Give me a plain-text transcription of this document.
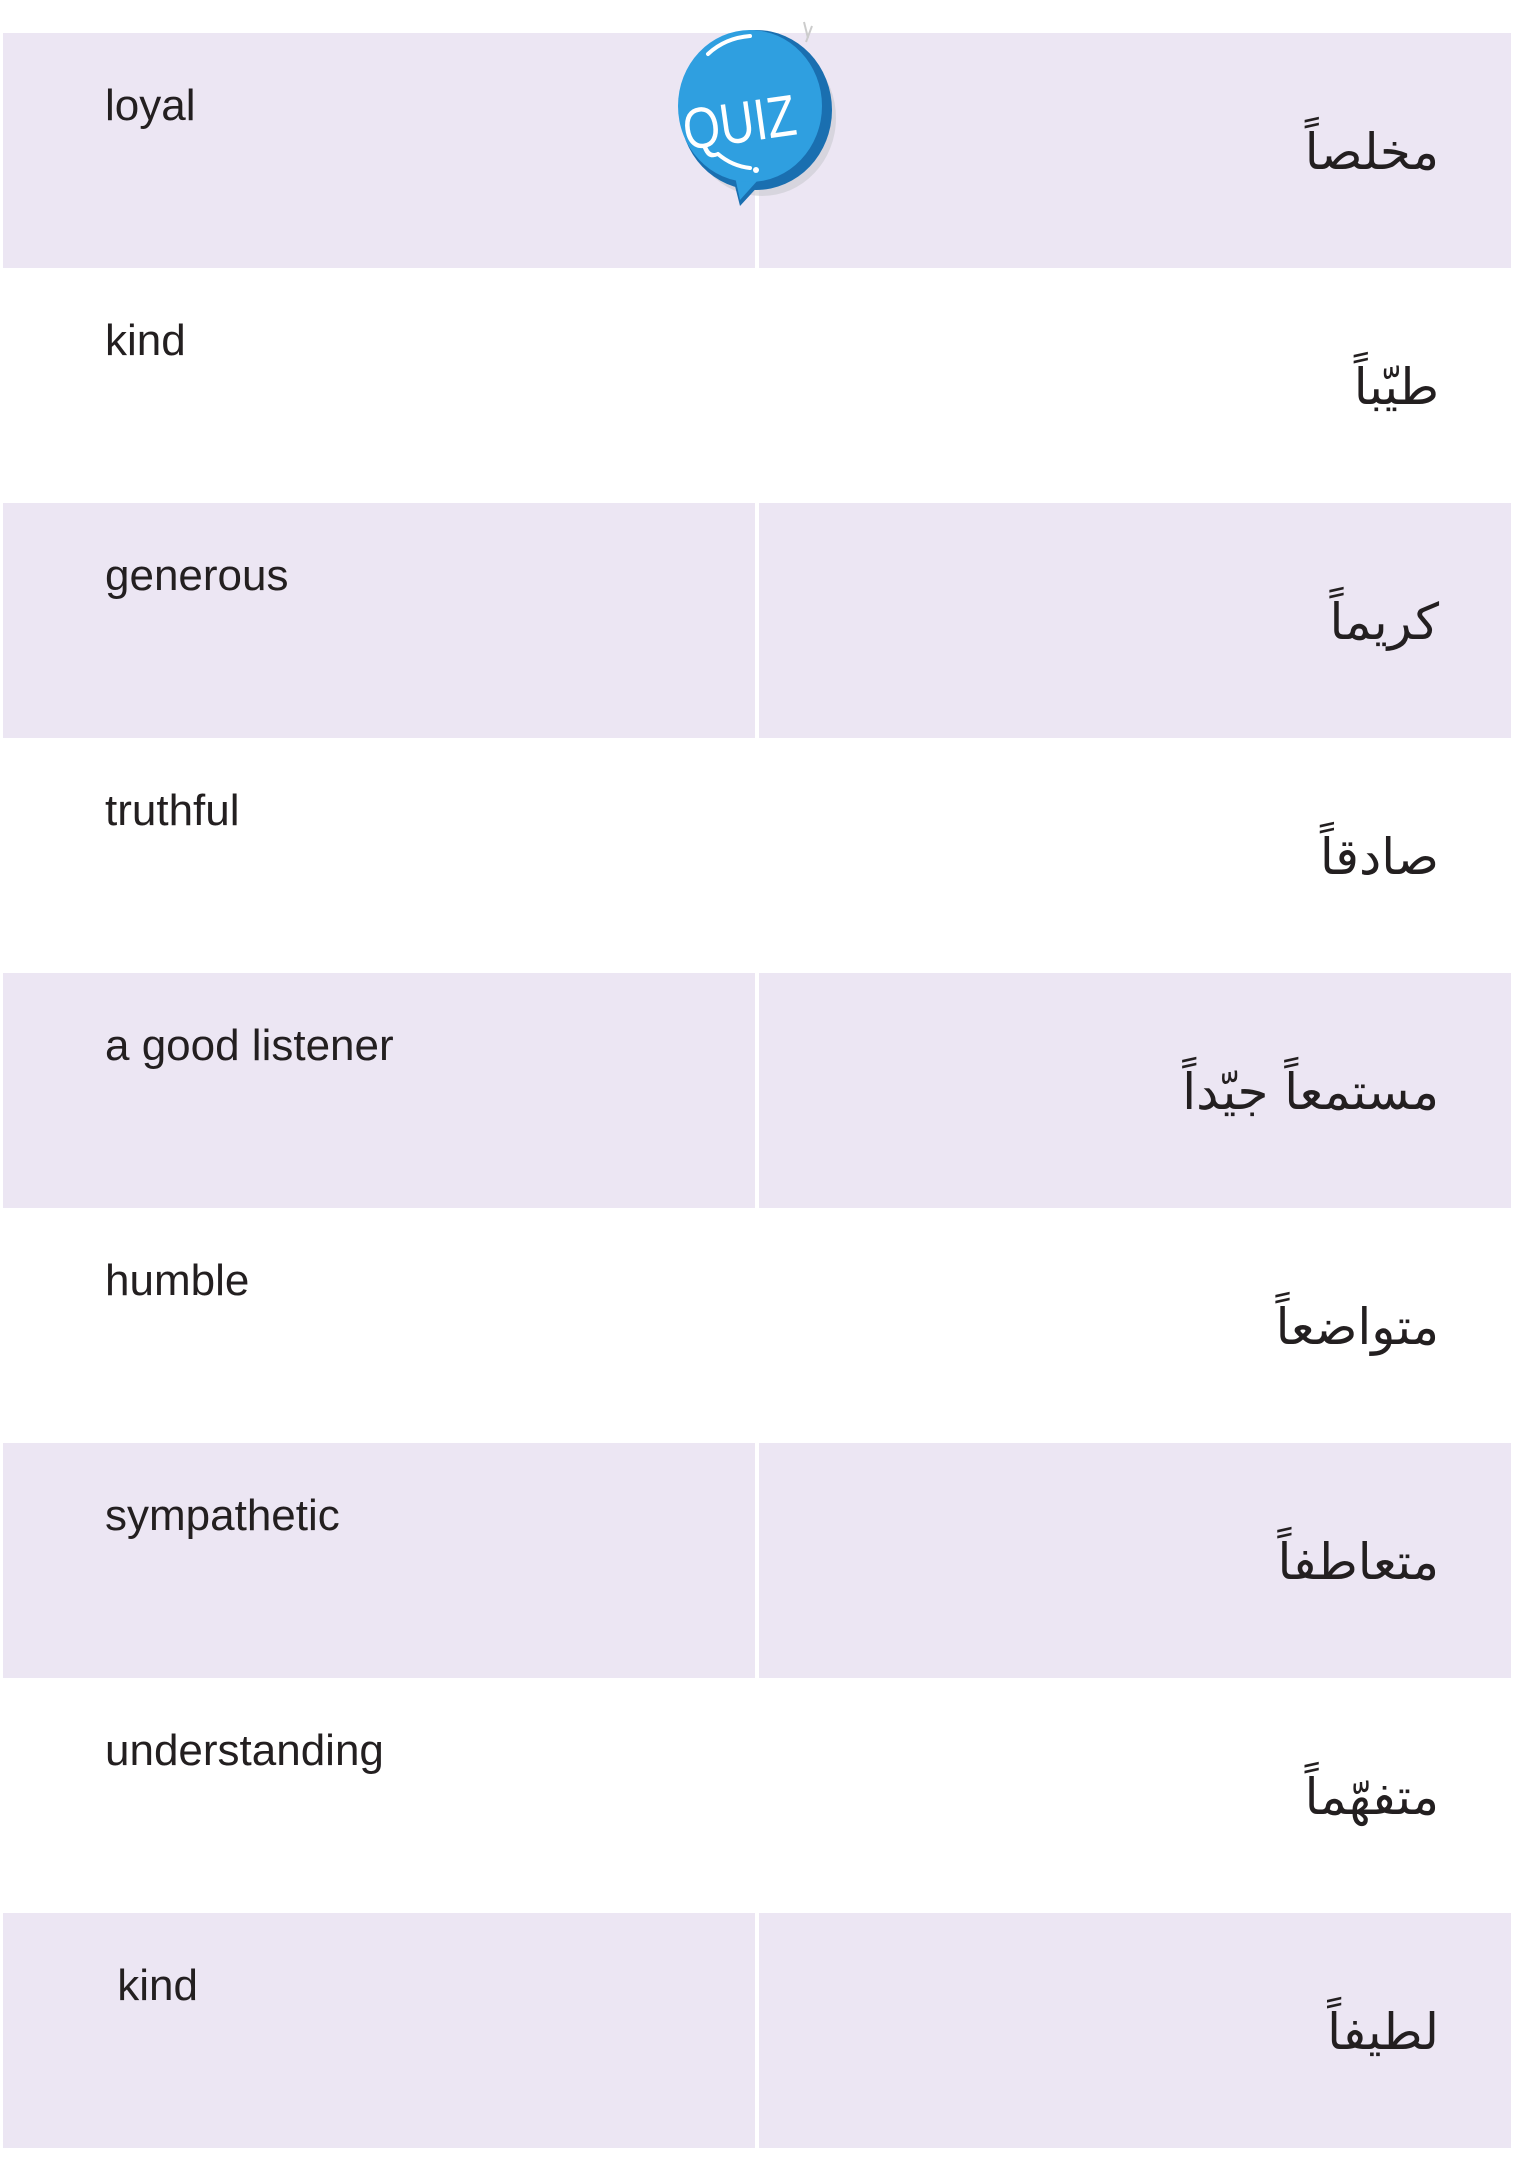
loyal
مخلصاً
kind
طيّباً
generous
كريماً
truthful
صادقاً
a good listener
مستمعاً جيّداً
humble
متواضعاً
sympathetic
متعاطفاً
understanding
متفهّماً
kind
لطيفاً
QUIZ
